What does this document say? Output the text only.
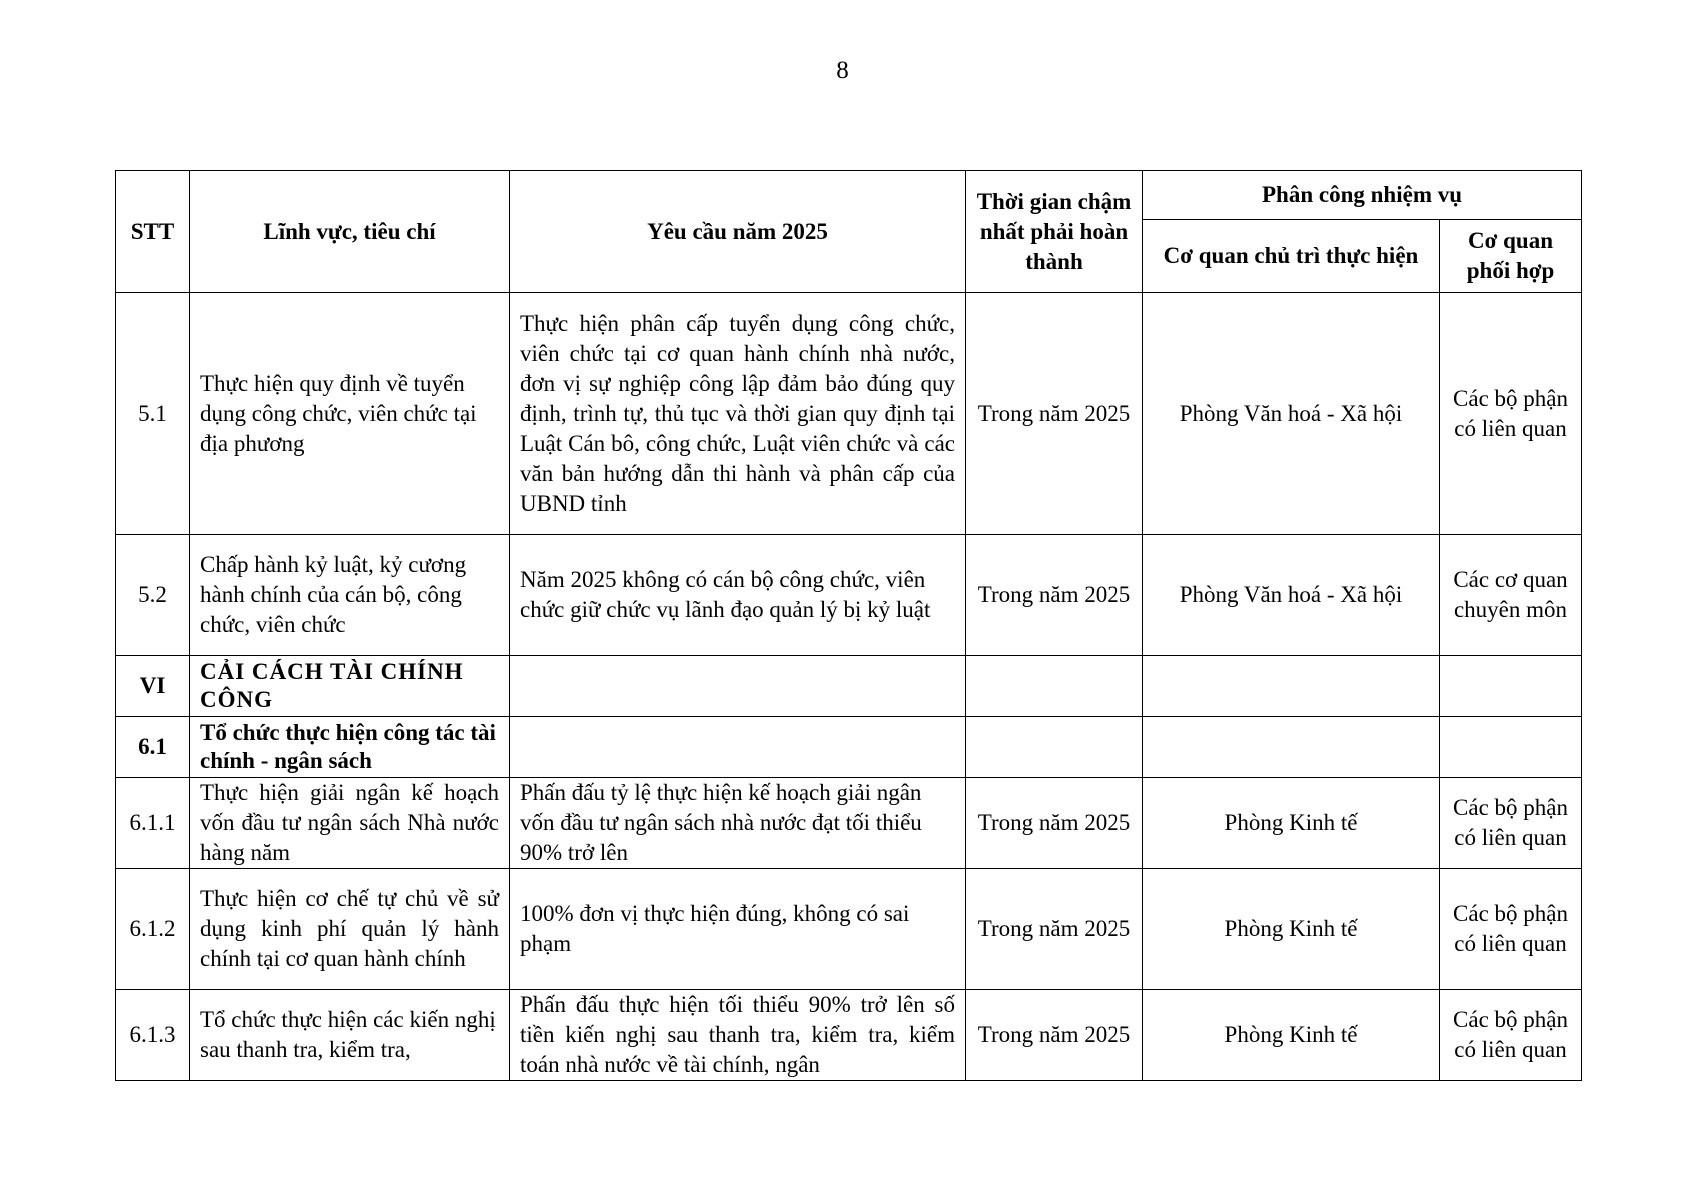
8
STT	Lĩnh vực, tiêu chí	Yêu cầu năm 2025	Thời gian chậm nhất phải hoàn thành	Phân công nhiệm vụ	
				Cơ quan chủ trì thực hiện	Cơ quan phối hợp
5.1	Thực hiện quy định về tuyển dụng công chức, viên chức tại địa phương	Thực hiện phân cấp tuyển dụng công chức, viên chức tại cơ quan hành chính nhà nước, đơn vị sự nghiệp công lập đảm bảo đúng quy định, trình tự, thủ tục và thời gian quy định tại Luật Cán bô, công chức, Luật viên chức và các văn bản hướng dẫn thi hành và phân cấp của UBND tỉnh	Trong năm 2025	Phòng Văn hoá - Xã hội	Các bộ phận có liên quan
5.2	Chấp hành kỷ luật, kỷ cương hành chính của cán bộ, công chức, viên chức	Năm 2025 không có cán bộ công chức, viên chức giữ chức vụ lãnh đạo quản lý bị kỷ luật	Trong năm 2025	Phòng Văn hoá - Xã hội	Các cơ quan chuyên môn
VI	CẢI CÁCH TÀI CHÍNH CÔNG				
6.1	Tổ chức thực hiện công tác tài chính - ngân sách				
6.1.1	Thực hiện giải ngân kế hoạch vốn đầu tư ngân sách Nhà nước hàng năm	Phấn đấu tỷ lệ thực hiện kế hoạch giải ngân vốn đầu tư ngân sách nhà nước đạt tối thiểu 90% trở lên	Trong năm 2025	Phòng Kinh tế	Các bộ phận có liên quan
6.1.2	Thực hiện cơ chế tự chủ về sử dụng kinh phí quản lý hành chính tại cơ quan hành chính	100% đơn vị thực hiện đúng, không có sai phạm	Trong năm 2025	Phòng Kinh tế	Các bộ phận có liên quan
6.1.3	Tổ chức thực hiện các kiến nghị sau thanh tra, kiểm tra,	Phấn đấu thực hiện tối thiểu 90% trở lên số tiền kiến nghị sau thanh tra, kiểm tra, kiểm toán nhà nước về tài chính, ngân	Trong năm 2025	Phòng Kinh tế	Các bộ phận có liên quan
